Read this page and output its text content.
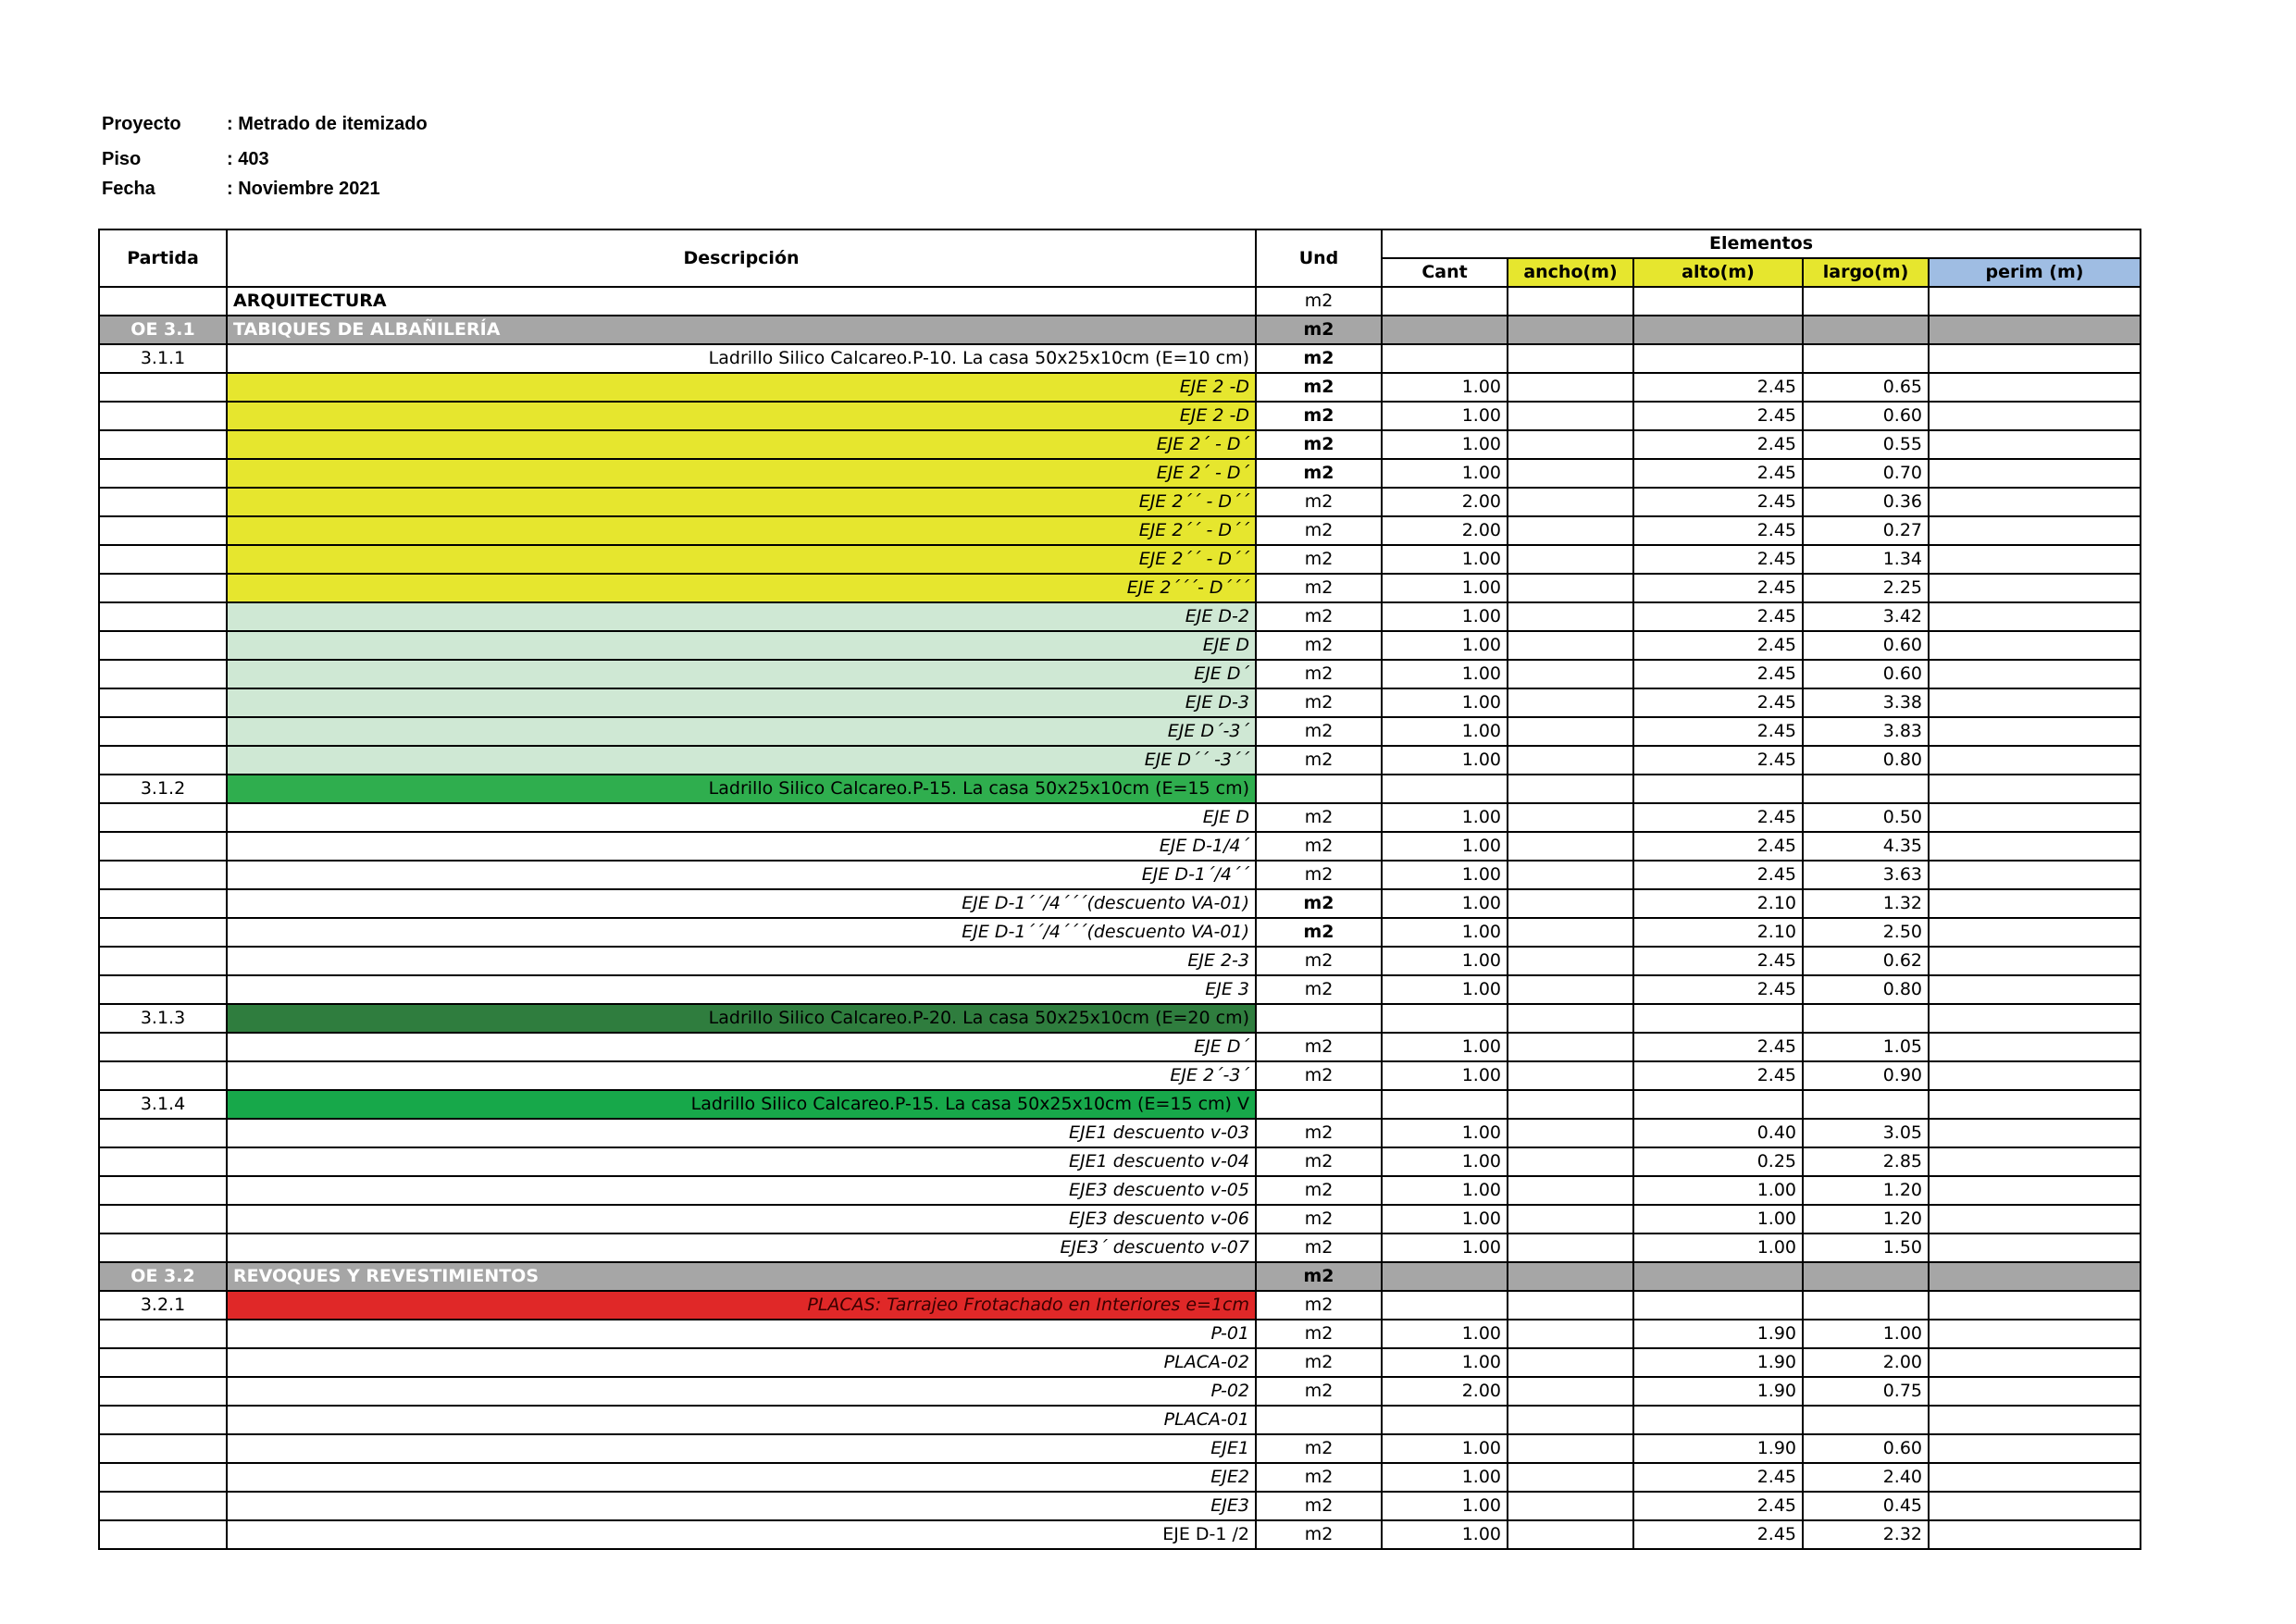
Proyecto	: Metrado de itemizado
Piso	: 403
Fecha	: Noviembre 2021
Partida	Descripción	Und	Elementos				
			Cant	ancho(m)	alto(m)	largo(m)	perim (m)
	ARQUITECTURA	m2					
OE 3.1	TABIQUES DE ALBAÑILERÍA	m2					
3.1.1	Ladrillo Silico Calcareo.P-10. La casa 50x25x10cm (E=10 cm)	m2					
	EJE 2 -D	m2	1.00		2.45	0.65	
	EJE 2 -D	m2	1.00		2.45	0.60	
	EJE 2´ - D´	m2	1.00		2.45	0.55	
	EJE 2´ - D´	m2	1.00		2.45	0.70	
	EJE 2´´ - D´´	m2	2.00		2.45	0.36	
	EJE 2´´ - D´´	m2	2.00		2.45	0.27	
	EJE 2´´ - D´´	m2	1.00		2.45	1.34	
	EJE 2´´´- D´´´	m2	1.00		2.45	2.25	
	EJE D-2	m2	1.00		2.45	3.42	
	EJE D	m2	1.00		2.45	0.60	
	EJE D´	m2	1.00		2.45	0.60	
	EJE D-3	m2	1.00		2.45	3.38	
	EJE D´-3´	m2	1.00		2.45	3.83	
	EJE D´´ -3´´	m2	1.00		2.45	0.80	
3.1.2	Ladrillo Silico Calcareo.P-15. La casa 50x25x10cm (E=15 cm)						
	EJE D	m2	1.00		2.45	0.50	
	EJE D-1/4´	m2	1.00		2.45	4.35	
	EJE D-1´/4´´	m2	1.00		2.45	3.63	
	EJE D-1´´/4´´´(descuento VA-01)	m2	1.00		2.10	1.32	
	EJE D-1´´/4´´´(descuento VA-01)	m2	1.00		2.10	2.50	
	EJE 2-3	m2	1.00		2.45	0.62	
	EJE 3	m2	1.00		2.45	0.80	
3.1.3	Ladrillo Silico Calcareo.P-20. La casa 50x25x10cm (E=20 cm)						
	EJE D´	m2	1.00		2.45	1.05	
	EJE 2´-3´	m2	1.00		2.45	0.90	
3.1.4	Ladrillo Silico Calcareo.P-15. La casa 50x25x10cm (E=15 cm) V						
	EJE1 descuento v-03	m2	1.00		0.40	3.05	
	EJE1 descuento v-04	m2	1.00		0.25	2.85	
	EJE3 descuento v-05	m2	1.00		1.00	1.20	
	EJE3 descuento v-06	m2	1.00		1.00	1.20	
	EJE3´ descuento v-07	m2	1.00		1.00	1.50	
OE 3.2	REVOQUES Y REVESTIMIENTOS	m2					
3.2.1	PLACAS: Tarrajeo Frotachado en Interiores e=1cm	m2					
	P-01	m2	1.00		1.90	1.00	
	PLACA-02	m2	1.00		1.90	2.00	
	P-02	m2	2.00		1.90	0.75	
	PLACA-01						
	EJE1	m2	1.00		1.90	0.60	
	EJE2	m2	1.00		2.45	2.40	
	EJE3	m2	1.00		2.45	0.45	
	EJE D-1 /2	m2	1.00		2.45	2.32	
